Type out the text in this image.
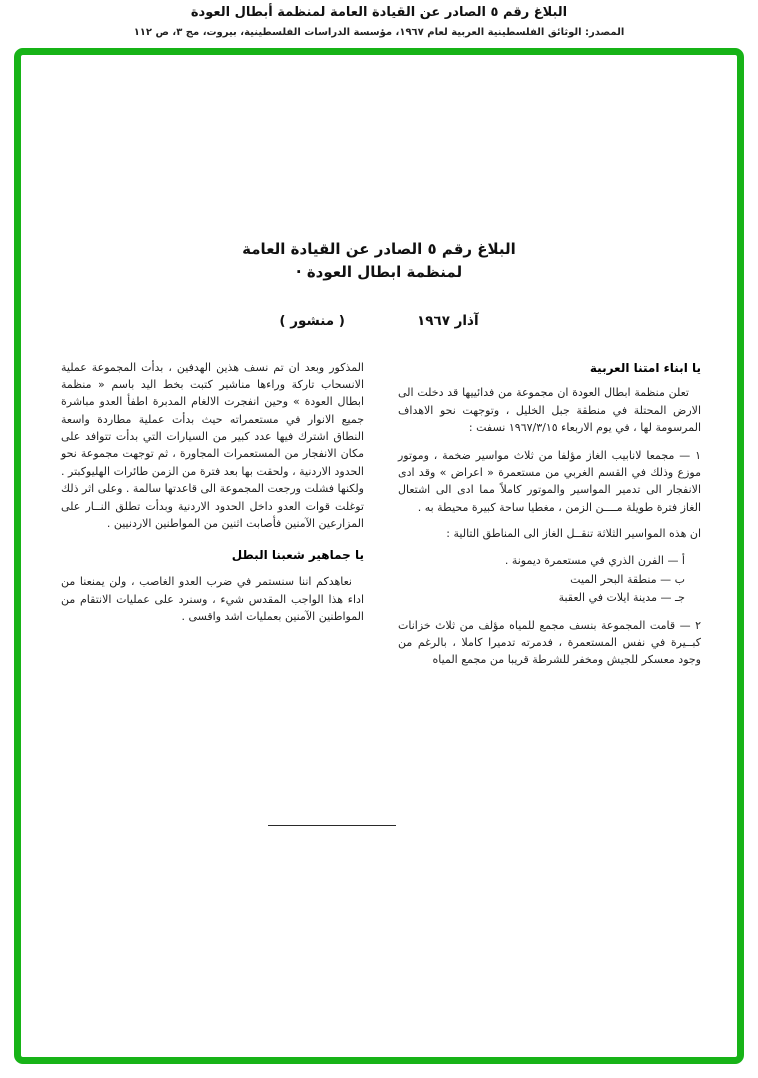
البلاغ رقم ٥ الصادر عن القيادة العامة لمنظمة أبطال العودة
المصدر: الوثائق الفلسطينية العربية لعام ١٩٦٧، مؤسسة الدراسات الفلسطينية، بيروت، مج ٣، ص ١١٢
البلاغ رقم ٥ الصادر عن القيادة العامة
لمنظمة ابطال العودة ·
آذار ١٩٦٧( منشور )
يا ابناء امتنا العربية
تعلن منظمة ابطال العودة ان مجموعة من فدائييها قد دخلت الى الارض المحتلة في منطقة جبل الخليل ، وتوجهت نحو الاهداف المرسومة لها ، في يوم الاربعاء ١٩٦٧/٣/١٥ نسفت :
١ — مجمعا لانابيب الغاز مؤلفا من ثلاث مواسير ضخمة ، وموتور موزع وذلك في القسم الغربي من مستعمرة « اعراض » وقد ادى الانفجار الى تدمير المواسير والموتور كاملاً مما ادى الى اشتعال الغاز فترة طويلة مــــن الزمن ، مغطيا ساحة كبيرة محيطة به .
ان هذه المواسير الثلاثة تنقــل الغاز الى المناطق التالية :
أ — الفرن الذري في مستعمرة ديمونة .
ب — منطقة البحر الميت
جـ — مدينة ايلات في العقبة
٢ — قامت المجموعة بنسف مجمع للمياه مؤلف من ثلاث خزانات كبــيرة في نفس المستعمرة ، فدمرته تدميرا كاملا ، بالرغم من وجود معسكر للجيش ومخفر للشرطة قريبا من مجمع المياه
المذكور وبعد ان تم نسف هذين الهدفين ، بدأت المجموعة عملية الانسحاب تاركة وراءها مناشير كتبت بخط اليد باسم « منظمة ابطال العودة » وحين انفجرت الالغام المدبرة اطفأ العدو مباشرة جميع الانوار في مستعمراته حيث بدأت عملية مطاردة واسعة النطاق اشترك فيها عدد كبير من السيارات التي بدأت تتوافد على مكان الانفجار من المستعمرات المجاورة ، ثم توجهت مجموعة نحو الحدود الاردنية ، ولحقت بها بعد فترة من الزمن طائرات الهليوكبتر . ولكنها فشلت ورجعت المجموعة الى قاعدتها سالمة . وعلى اثر ذلك توغلت قوات العدو داخل الحدود الاردنية وبدأت تطلق النــار على المزارعين الآمنين فأصابت اثنين من المواطنين الاردنيين .
يا جماهير شعبنا البطل
نعاهدكم اننا سنستمر في ضرب العدو الغاصب ، ولن يمنعنا من اداء هذا الواجب المقدس شيء ، وسنرد على عمليات الانتقام من المواطنين الآمنين بعمليات اشد واقسى .
